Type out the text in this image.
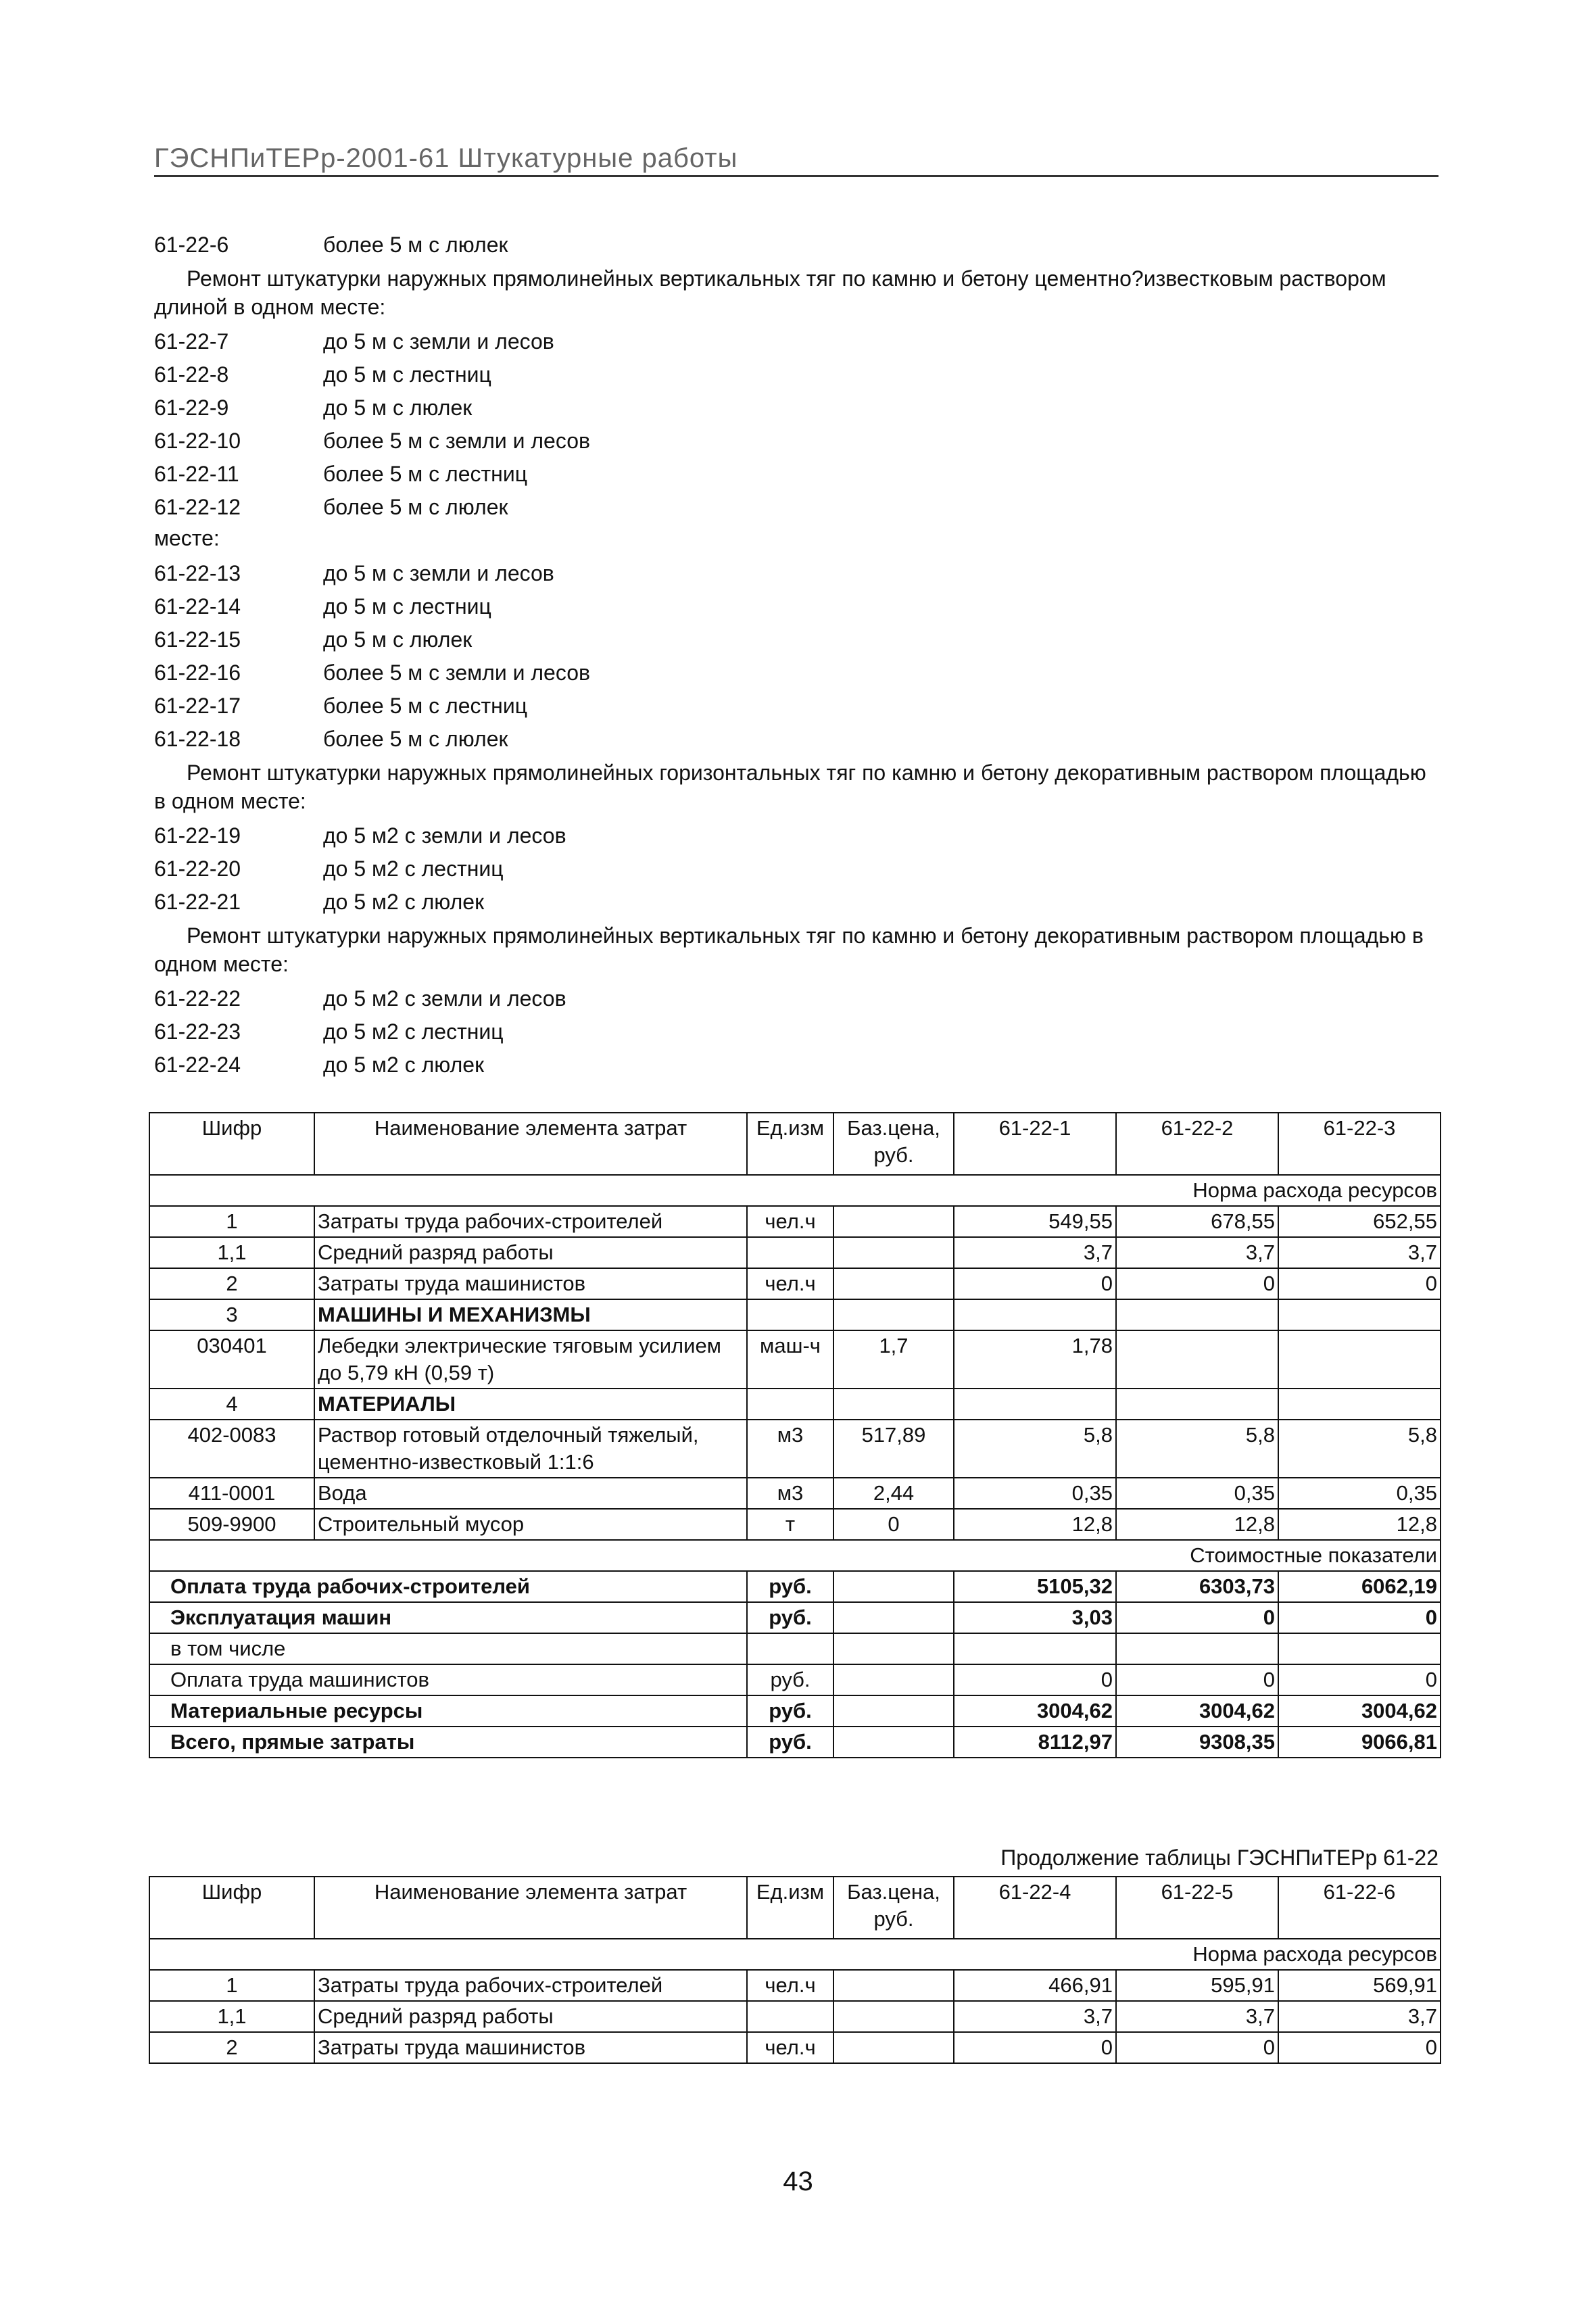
ГЭСНПиТЕРр-2001-61 Штукатурные работы
61-22-6	более 5 м с люлек

Ремонт штукатурки наружных прямолинейных вертикальных тяг по камню и бетону цементно?известковым раствором длиной в одном месте:

61-22-7	до 5 м с земли и лесов
61-22-8	до 5 м с лестниц
61-22-9	до 5 м с люлек
61-22-10	более 5 м с земли и лесов
61-22-11	более 5 м с лестниц
61-22-12	более 5 м с люлек

месте:

61-22-13	до 5 м с земли и лесов
61-22-14	до 5 м с лестниц
61-22-15	до 5 м с люлек
61-22-16	более 5 м с земли и лесов
61-22-17	более 5 м с лестниц
61-22-18	более 5 м с люлек

Ремонт штукатурки наружных прямолинейных горизонтальных тяг по камню и бетону декоративным раствором площадью в одном месте:

61-22-19	до 5 м2 с земли и лесов
61-22-20	до 5 м2 с лестниц
61-22-21	до 5 м2 с люлек

Ремонт штукатурки наружных прямолинейных вертикальных тяг по камню и бетону декоративным раствором площадью в одном месте:

61-22-22	до 5 м2 с земли и лесов
61-22-23	до 5 м2 с лестниц
61-22-24	до 5 м2 с люлек
Шифр	Наименование элемента затрат	Ед.изм	Баз.цена, руб.	61-22-1	61-22-2	61-22-3
Норма расхода ресурсов						
1	Затраты труда рабочих-строителей	чел.ч		549,55	678,55	652,55
1,1	Средний разряд работы			3,7	3,7	3,7
2	Затраты труда машинистов	чел.ч		0	0	0
3	МАШИНЫ И МЕХАНИЗМЫ					
030401	Лебедки электрические тяговым усилием до 5,79 кН (0,59 т)	маш-ч	1,7	1,78		
4	МАТЕРИАЛЫ					
402-0083	Раствор готовый отделочный тяжелый, цементно-известковый 1:1:6	м3	517,89	5,8	5,8	5,8
411-0001	Вода	м3	2,44	0,35	0,35	0,35
509-9900	Строительный мусор	т	0	12,8	12,8	12,8
Стоимостные показатели						
Оплата труда рабочих-строителей		руб.		5105,32	6303,73	6062,19
Эксплуатация машин		руб.		3,03	0	0
в том числе						
Оплата труда машинистов		руб.		0	0	0
Материальные ресурсы		руб.		3004,62	3004,62	3004,62
Всего, прямые затраты		руб.		8112,97	9308,35	9066,81
Продолжение таблицы ГЭСНПиТЕРр 61-22
Шифр	Наименование элемента затрат	Ед.изм	Баз.цена, руб.	61-22-4	61-22-5	61-22-6
Норма расхода ресурсов						
1	Затраты труда рабочих-строителей	чел.ч		466,91	595,91	569,91
1,1	Средний разряд работы			3,7	3,7	3,7
2	Затраты труда машинистов	чел.ч		0	0	0
43
